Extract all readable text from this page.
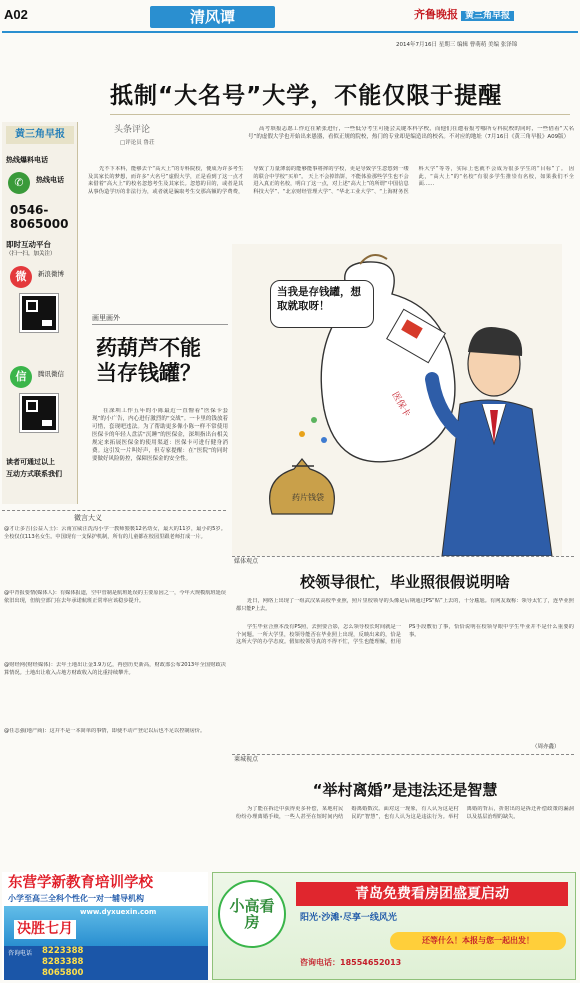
A02	清风谭	齐鲁晚报 黄三角早报
2014年7月16日 星期三 编辑 曹萌萌 美编 张泽锦
抵制“大名号”大学，不能仅限于提醒
头条评论
□评论员 鲁荘
高考填报志愿工作近在紧张进行，一些低分考生可能会关键本科学校，而他们在遭着报考哪所专科院校的同时，一些借着“大名号”的虚假大学也开始出来愚器，看似正规的院校，热门的专业却是编造出的校名。不对应的地址（7月16日《黄三角早报》A09版）
先不下本科，能够去个“高大上”的专科院校，便成为许多考生及其家长的梦想，而许多“大名号”虚假大学，正是看到了这一点才来借着“高大上”的校名忽悠考生及其家长。忽悠的目的，或者是其从事伪造学历的非法行为，或者就是骗取考生交那高额的学费费，导致了力量薄弱的能够能事将摔的学校，更是导致学生忽悠到一缕的联合中学校“买单”。 天上不会掉馅饼，不能体验那些学生也不会进入真正的名校，明白了这一点，对上述“高大上”的所谓“中国信息科技大学”、“北京财经管理大学”、“华北工业大学”、“上海财务医科大学”等等，实际上也就不会成为很多学生的“目标”了。 因此，“高大上”的“名校”有很多学生推崇有名校，如果我们不全面……
黄三角早报
热线爆料电话
✆	热线电话
0546-
8065000
即时互动平台
（扫一扫，加关注）
微	新浪微博
信	腾讯微信
读者可通过以上
互动方式联系我们
画里画外
药葫芦不能
当存钱罐？
在深圳工作五年的小陈最近一直懵着“医保卡套现”的小广告，内心进行激烈的“交战”。一卡里的钱放着可惜，套现吧违法。为了帮助更多像小陈一样不常使用医保卡的年轻人盘活“沉睡”的医保金，深圳指出台相关规定来拓展医保金的使用渠道：医保卡可进行健身消费。这引发一片叫好声，但专家提醒：在“医院”的同时要做好风险防控，保障医保金的安全性。
药片钱袋
医保卡
当我是存钱罐，想取就取呀！
微言大义
@才让多吉(公益人士)：云南宣威汪洗沟小学一教师猥亵12名幼女，最大的11岁，最小的5岁。全校仅仅113名女生。中国现有一支保护机制，所有的儿童都在校园里跟老师打成一片。
@中青报要情(媒体人)：有媒体报道，空中管制是航班延误的主要原因之一，今年大规模航班延误依旧出现，但航空部门在去年承诺航班正常率应该稳步提升。
@财经网(财经媒体)：去年土地出让金3.9万亿，再创历史新高，财政部公布2013年全国财政决算情况。土地出让收入占地方财政收入的比重持续攀升。
@任志强(地产商)：这并不是一本简单的事情，即使不动产登记以后也不足以控制房价。
媒体观点
校领导很忙，毕业照很假说明啥
近日，网络上出现了一组武汉某高校毕业照，照片里校领导的头像是后期通过PS“贴”上去的，十分尴尬。有网友戏称：领导太忙了，连毕业照都只能P上去。
学生毕业合照本没有PS照，去照要合影，怎么领导校长时间就是一个问题。一所大学里，校领导能否在毕业照上出现，反映出来的，恰是这所大学的办学态度。假如校领导真的不得不忙，学生也能理解，但用PS手段敷衍了事，恰恰说明在校领导眼中学生毕业并不是什么重要的事。
（周亦鑫）
莱城视点
“举村离婚”是违法还是智慧
为了能在拆迁中获得更多补偿，某地村民纷纷办理离婚手续，一些人甚至在短时间内结婚离婚数次。面对这一现象，有人认为这是村民的“智慧”，也有人认为这是违法行为。举村离婚的背后，折射出的是拆迁补偿政策的漏洞以及基层治理的缺失。
东营学新教育培训学校
小学至高三全科个性化一对一辅导机构
www.dyxuexin.com
决胜七月
咨询电话 8223388
8283388
8065800
小高看房
青岛免费看房团盛夏启动
阳光·沙滩·尽享一线风光
还等什么！本报与您一起出发！
咨询电话：18554652013
